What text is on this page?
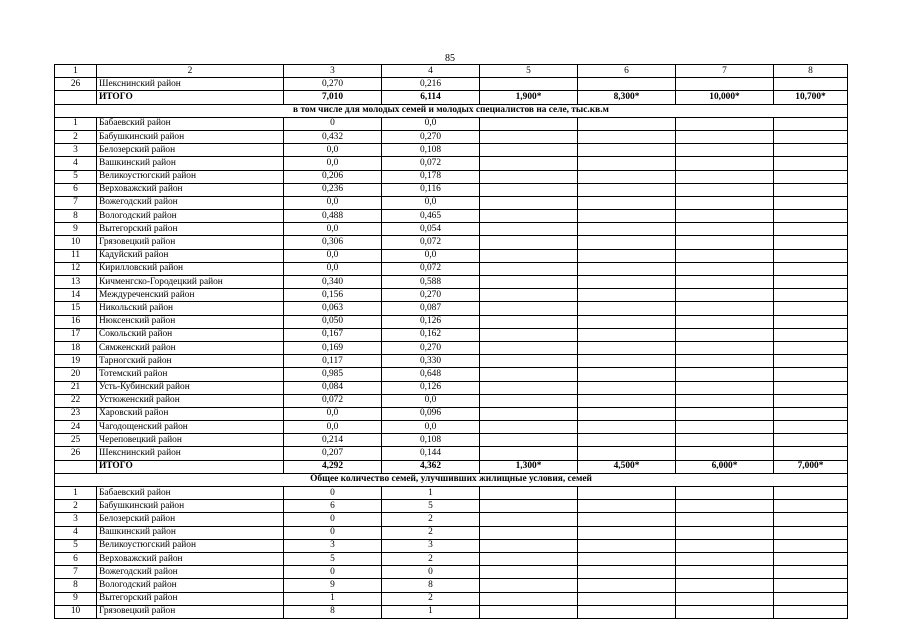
85
1	2	3	4	5	6	7	8
26	Шекснинский район	0,270	0,216				
	ИТОГО	7,010	6,114	1,900*	8,300*	10,000*	10,700*
в том числе для молодых семей и молодых специалистов на селе, тыс.кв.м							
1	Бабаевский район	0	0,0				
2	Бабушкинский район	0,432	0,270				
3	Белозерский район	0,0	0,108				
4	Вашкинский район	0,0	0,072				
5	Великоустюгский район	0,206	0,178				
6	Верховажский район	0,236	0,116				
7	Вожегодский район	0,0	0,0				
8	Вологодский район	0,488	0,465				
9	Вытегорский район	0,0	0,054				
10	Грязовецкий район	0,306	0,072				
11	Кадуйский район	0,0	0,0				
12	Кирилловский район	0,0	0,072				
13	Кичменгско-Городецкий район	0,340	0,588				
14	Междуреченский район	0,156	0,270				
15	Никольский район	0,063	0,087				
16	Нюксенский район	0,050	0,126				
17	Сокольский район	0,167	0,162				
18	Сямженский район	0,169	0,270				
19	Тарногский район	0,117	0,330				
20	Тотемский район	0,985	0,648				
21	Усть-Кубинский район	0,084	0,126				
22	Устюженский район	0,072	0,0				
23	Харовский район	0,0	0,096				
24	Чагодощенский район	0,0	0,0				
25	Череповецкий район	0,214	0,108				
26	Шекснинский район	0,207	0,144				
	ИТОГО	4,292	4,362	1,300*	4,500*	6,000*	7,000*
Общее количество семей, улучшивших жилищные условия, семей							
1	Бабаевский район	0	1				
2	Бабушкинский район	6	5				
3	Белозерский район	0	2				
4	Вашкинский район	0	2				
5	Великоустюгский район	3	3				
6	Верховажский район	5	2				
7	Вожегодский район	0	0				
8	Вологодский район	9	8				
9	Вытегорский район	1	2				
10	Грязовецкий район	8	1				
